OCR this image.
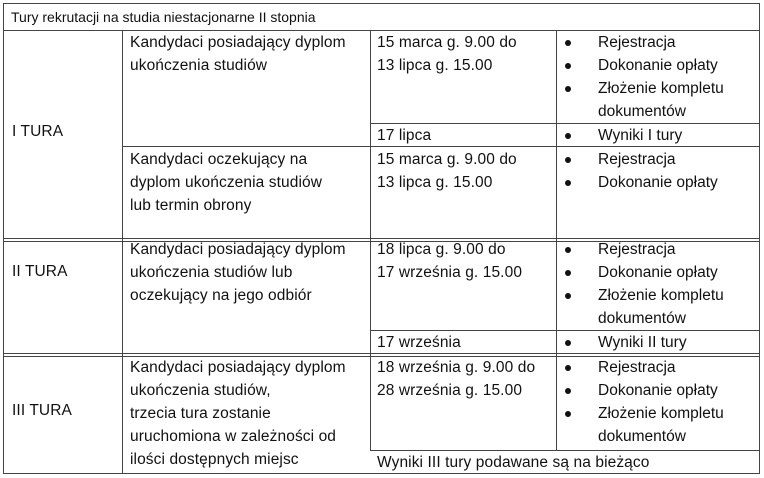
Tury rekrutacji na studia niestacjonarne II stopnia
I TURA
Kandydaci posiadający dyplom
ukończenia studiów
15 marca g. 9.00 do
13 lipca g. 15.00
Rejestracja
Dokonanie opłaty
Złożenie kompletu
dokumentów
17 lipca	Wyniki I tury
Kandydaci oczekujący na
dyplom ukończenia studiów
lub termin obrony
15 marca g. 9.00 do
13 lipca g. 15.00
Rejestracja
Dokonanie opłaty
II TURA
Kandydaci posiadający dyplom
ukończenia studiów lub
oczekujący na jego odbiór
18 lipca g. 9.00 do
17 września g. 15.00
Rejestracja
Dokonanie opłaty
Złożenie kompletu
dokumentów
17 września	Wyniki II tury
III TURA
Kandydaci posiadający dyplom
ukończenia studiów,
trzecia tura zostanie
uruchomiona w zależności od
ilości dostępnych miejsc
18 września g. 9.00 do
28 września g. 15.00
Rejestracja
Dokonanie opłaty
Złożenie kompletu
dokumentów
Wyniki III tury podawane są na bieżąco
